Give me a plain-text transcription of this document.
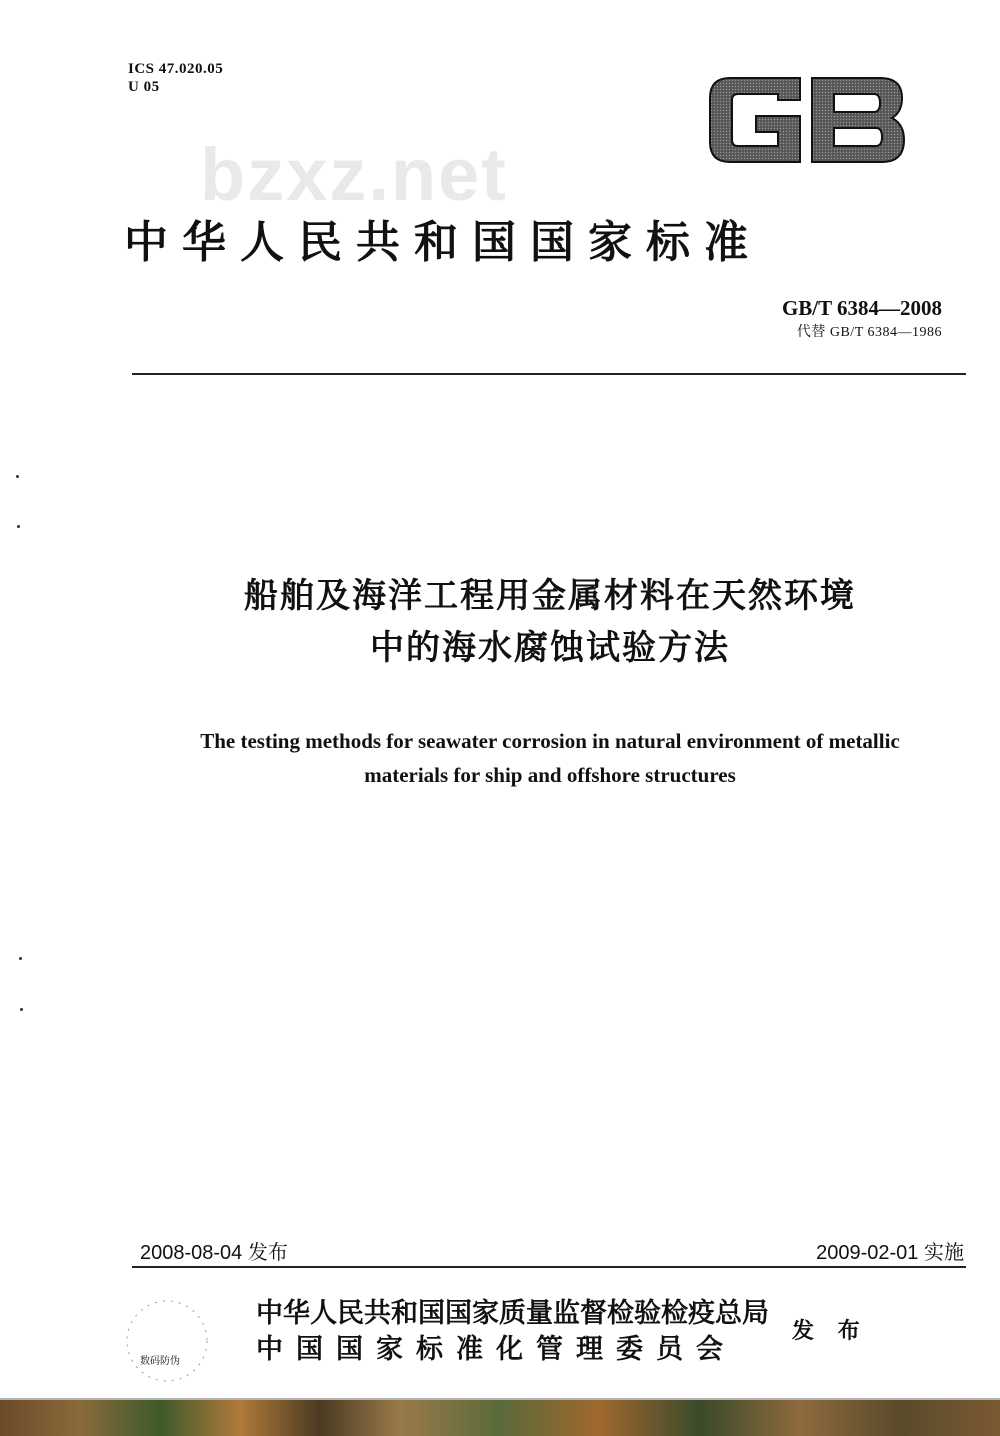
ICS 47.020.05
U 05
bzxz.net
中华人民共和国国家标准
GB/T 6384—2008
代替 GB/T 6384—1986
船舶及海洋工程用金属材料在天然环境
中的海水腐蚀试验方法
The testing methods for seawater corrosion in natural environment of metallic
materials for ship and offshore structures
2008-08-04 发布	2009-02-01 实施
数码防伪
中华人民共和国国家质量监督检验检疫总局
中国国家标准化管理委员会
发 布
